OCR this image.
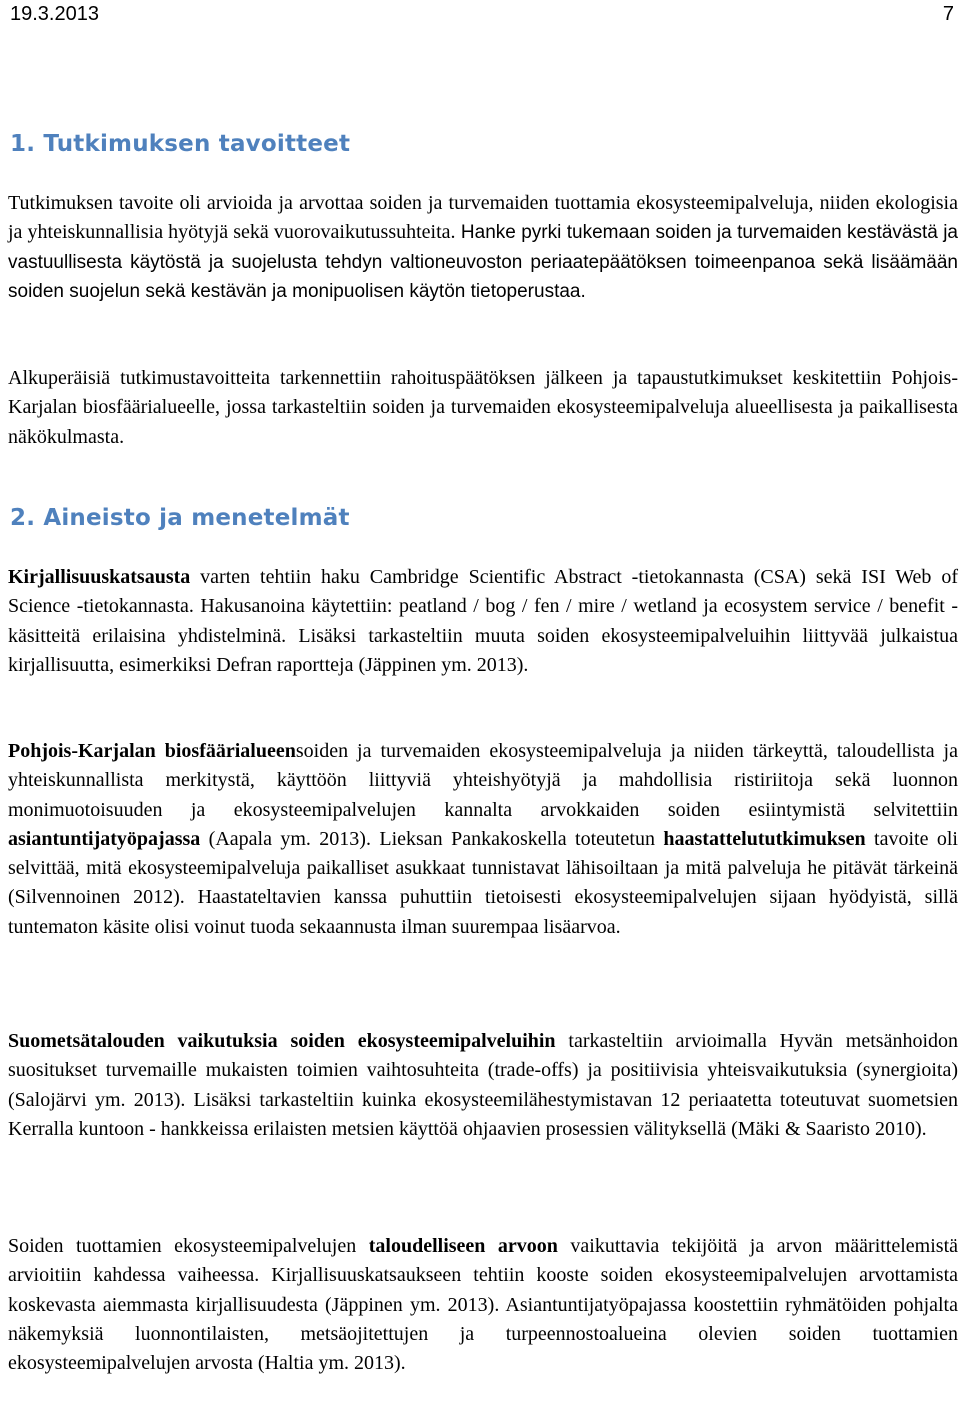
19.3.2013	7
1. Tutkimuksen tavoitteet

Tutkimuksen tavoite oli arvioida ja arvottaa soiden ja turvemaiden tuottamia ekosysteemipalveluja, niiden ekologisia ja yhteiskunnallisia hyötyjä sekä vuorovaikutussuhteita. Hanke pyrki tukemaan soiden ja turvemaiden kestävästä ja vastuullisesta käytöstä ja suojelusta tehdyn valtioneuvoston periaatepäätöksen toimeenpanoa sekä lisäämään soiden suojelun sekä kestävän ja monipuolisen käytön tietoperustaa.

Alkuperäisiä tutkimustavoitteita tarkennettiin rahoituspäätöksen jälkeen ja tapaustutkimukset keskitettiin Pohjois-Karjalan biosfäärialueelle, jossa tarkasteltiin soiden ja turvemaiden ekosysteemipalveluja alueellisesta ja paikallisesta näkökulmasta.

2. Aineisto ja menetelmät

Kirjallisuuskatsausta varten tehtiin haku Cambridge Scientific Abstract -tietokannasta (CSA) sekä ISI Web of Science -tietokannasta. Hakusanoina käytettiin: peatland / bog / fen / mire / wetland ja ecosystem service / benefit -käsitteitä erilaisina yhdistelminä. Lisäksi tarkasteltiin muuta soiden ekosysteemipalveluihin liittyvää julkaistua kirjallisuutta, esimerkiksi Defran raportteja (Jäppinen ym. 2013).

Pohjois-Karjalan biosfäärialueensoiden ja turvemaiden ekosysteemipalveluja ja niiden tärkeyttä, taloudellista ja yhteiskunnallista merkitystä, käyttöön liittyviä yhteishyötyjä ja mahdollisia ristiriitoja sekä luonnon monimuotoisuuden ja ekosysteemipalvelujen kannalta arvokkaiden soiden esiintymistä selvitettiin asiantuntijatyöpajassa (Aapala ym. 2013). Lieksan Pankakoskella toteutetun haastattelututkimuksen tavoite oli selvittää, mitä ekosysteemipalveluja paikalliset asukkaat tunnistavat lähisoiltaan ja mitä palveluja he pitävät tärkeinä (Silvennoinen 2012). Haastateltavien kanssa puhuttiin tietoisesti ekosysteemipalvelujen sijaan hyödyistä, sillä tuntematon käsite olisi voinut tuoda sekaannusta ilman suurempaa lisäarvoa.

Suometsätalouden vaikutuksia soiden ekosysteemipalveluihin tarkasteltiin arvioimalla Hyvän metsänhoidon suositukset turvemaille mukaisten toimien vaihtosuhteita (trade-offs) ja positiivisia yhteisvaikutuksia (synergioita) (Salojärvi ym. 2013). Lisäksi tarkasteltiin kuinka ekosysteemilähestymistavan 12 periaatetta toteutuvat suometsien Kerralla kuntoon - hankkeissa erilaisten metsien käyttöä ohjaavien prosessien välityksellä (Mäki & Saaristo 2010).

Soiden tuottamien ekosysteemipalvelujen taloudelliseen arvoon vaikuttavia tekijöitä ja arvon määrittelemistä arvioitiin kahdessa vaiheessa. Kirjallisuuskatsaukseen tehtiin kooste soiden ekosysteemipalvelujen arvottamista koskevasta aiemmasta kirjallisuudesta (Jäppinen ym. 2013). Asiantuntijatyöpajassa koostettiin ryhmätöiden pohjalta näkemyksiä luonnontilaisten, metsäojitettujen ja turpeennostoalueina olevien soiden tuottamien ekosysteemipalvelujen arvosta (Haltia ym. 2013).
